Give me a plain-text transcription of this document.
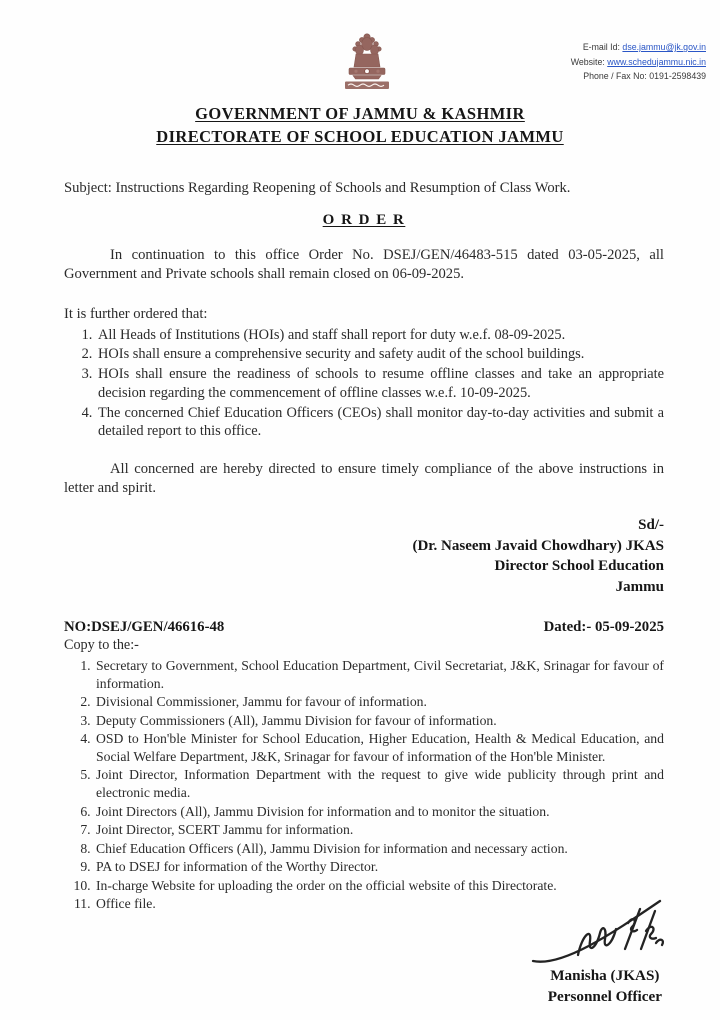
E-mail Id: dse.jammu@jk.gov.in
Website: www.schedujammu.nic.in
Phone / Fax No: 0191-2598439
GOVERNMENT OF JAMMU & KASHMIR
DIRECTORATE OF SCHOOL EDUCATION JAMMU
Subject: Instructions Regarding Reopening of Schools and Resumption of Class Work.
O R D E R

In continuation to this office Order No. DSEJ/GEN/46483-515 dated 03-05-2025, all Government and Private schools shall remain closed on 06-09-2025.

It is further ordered that:

1. All Heads of Institutions (HOIs) and staff shall report for duty w.e.f. 08-09-2025.
2. HOIs shall ensure a comprehensive security and safety audit of the school buildings.
3. HOIs shall ensure the readiness of schools to resume offline classes and take an appropriate decision regarding the commencement of offline classes w.e.f. 10-09-2025.
4. The concerned Chief Education Officers (CEOs) shall monitor day-to-day activities and submit a detailed report to this office.

All concerned are hereby directed to ensure timely compliance of the above instructions in letter and spirit.

Sd/-
(Dr. Naseem Javaid Chowdhary) JKAS
Director School Education
Jammu
NO:DSEJ/GEN/46616-48	Dated:- 05-09-2025
Copy to the:-
1. Secretary to Government, School Education Department, Civil Secretariat, J&K, Srinagar for favour of information.
2. Divisional Commissioner, Jammu for favour of information.
3. Deputy Commissioners (All), Jammu Division for favour of information.
4. OSD to Hon'ble Minister for School Education, Higher Education, Health & Medical Education, and Social Welfare Department, J&K, Srinagar for favour of information of the Hon'ble Minister.
5. Joint Director, Information Department with the request to give wide publicity through print and electronic media.
6. Joint Directors (All), Jammu Division for information and to monitor the situation.
7. Joint Director, SCERT Jammu for information.
8. Chief Education Officers (All), Jammu Division for information and necessary action.
9. PA to DSEJ for information of the Worthy Director.
10. In-charge Website for uploading the order on the official website of this Directorate.
11. Office file.
Manisha (JKAS)
Personnel Officer
